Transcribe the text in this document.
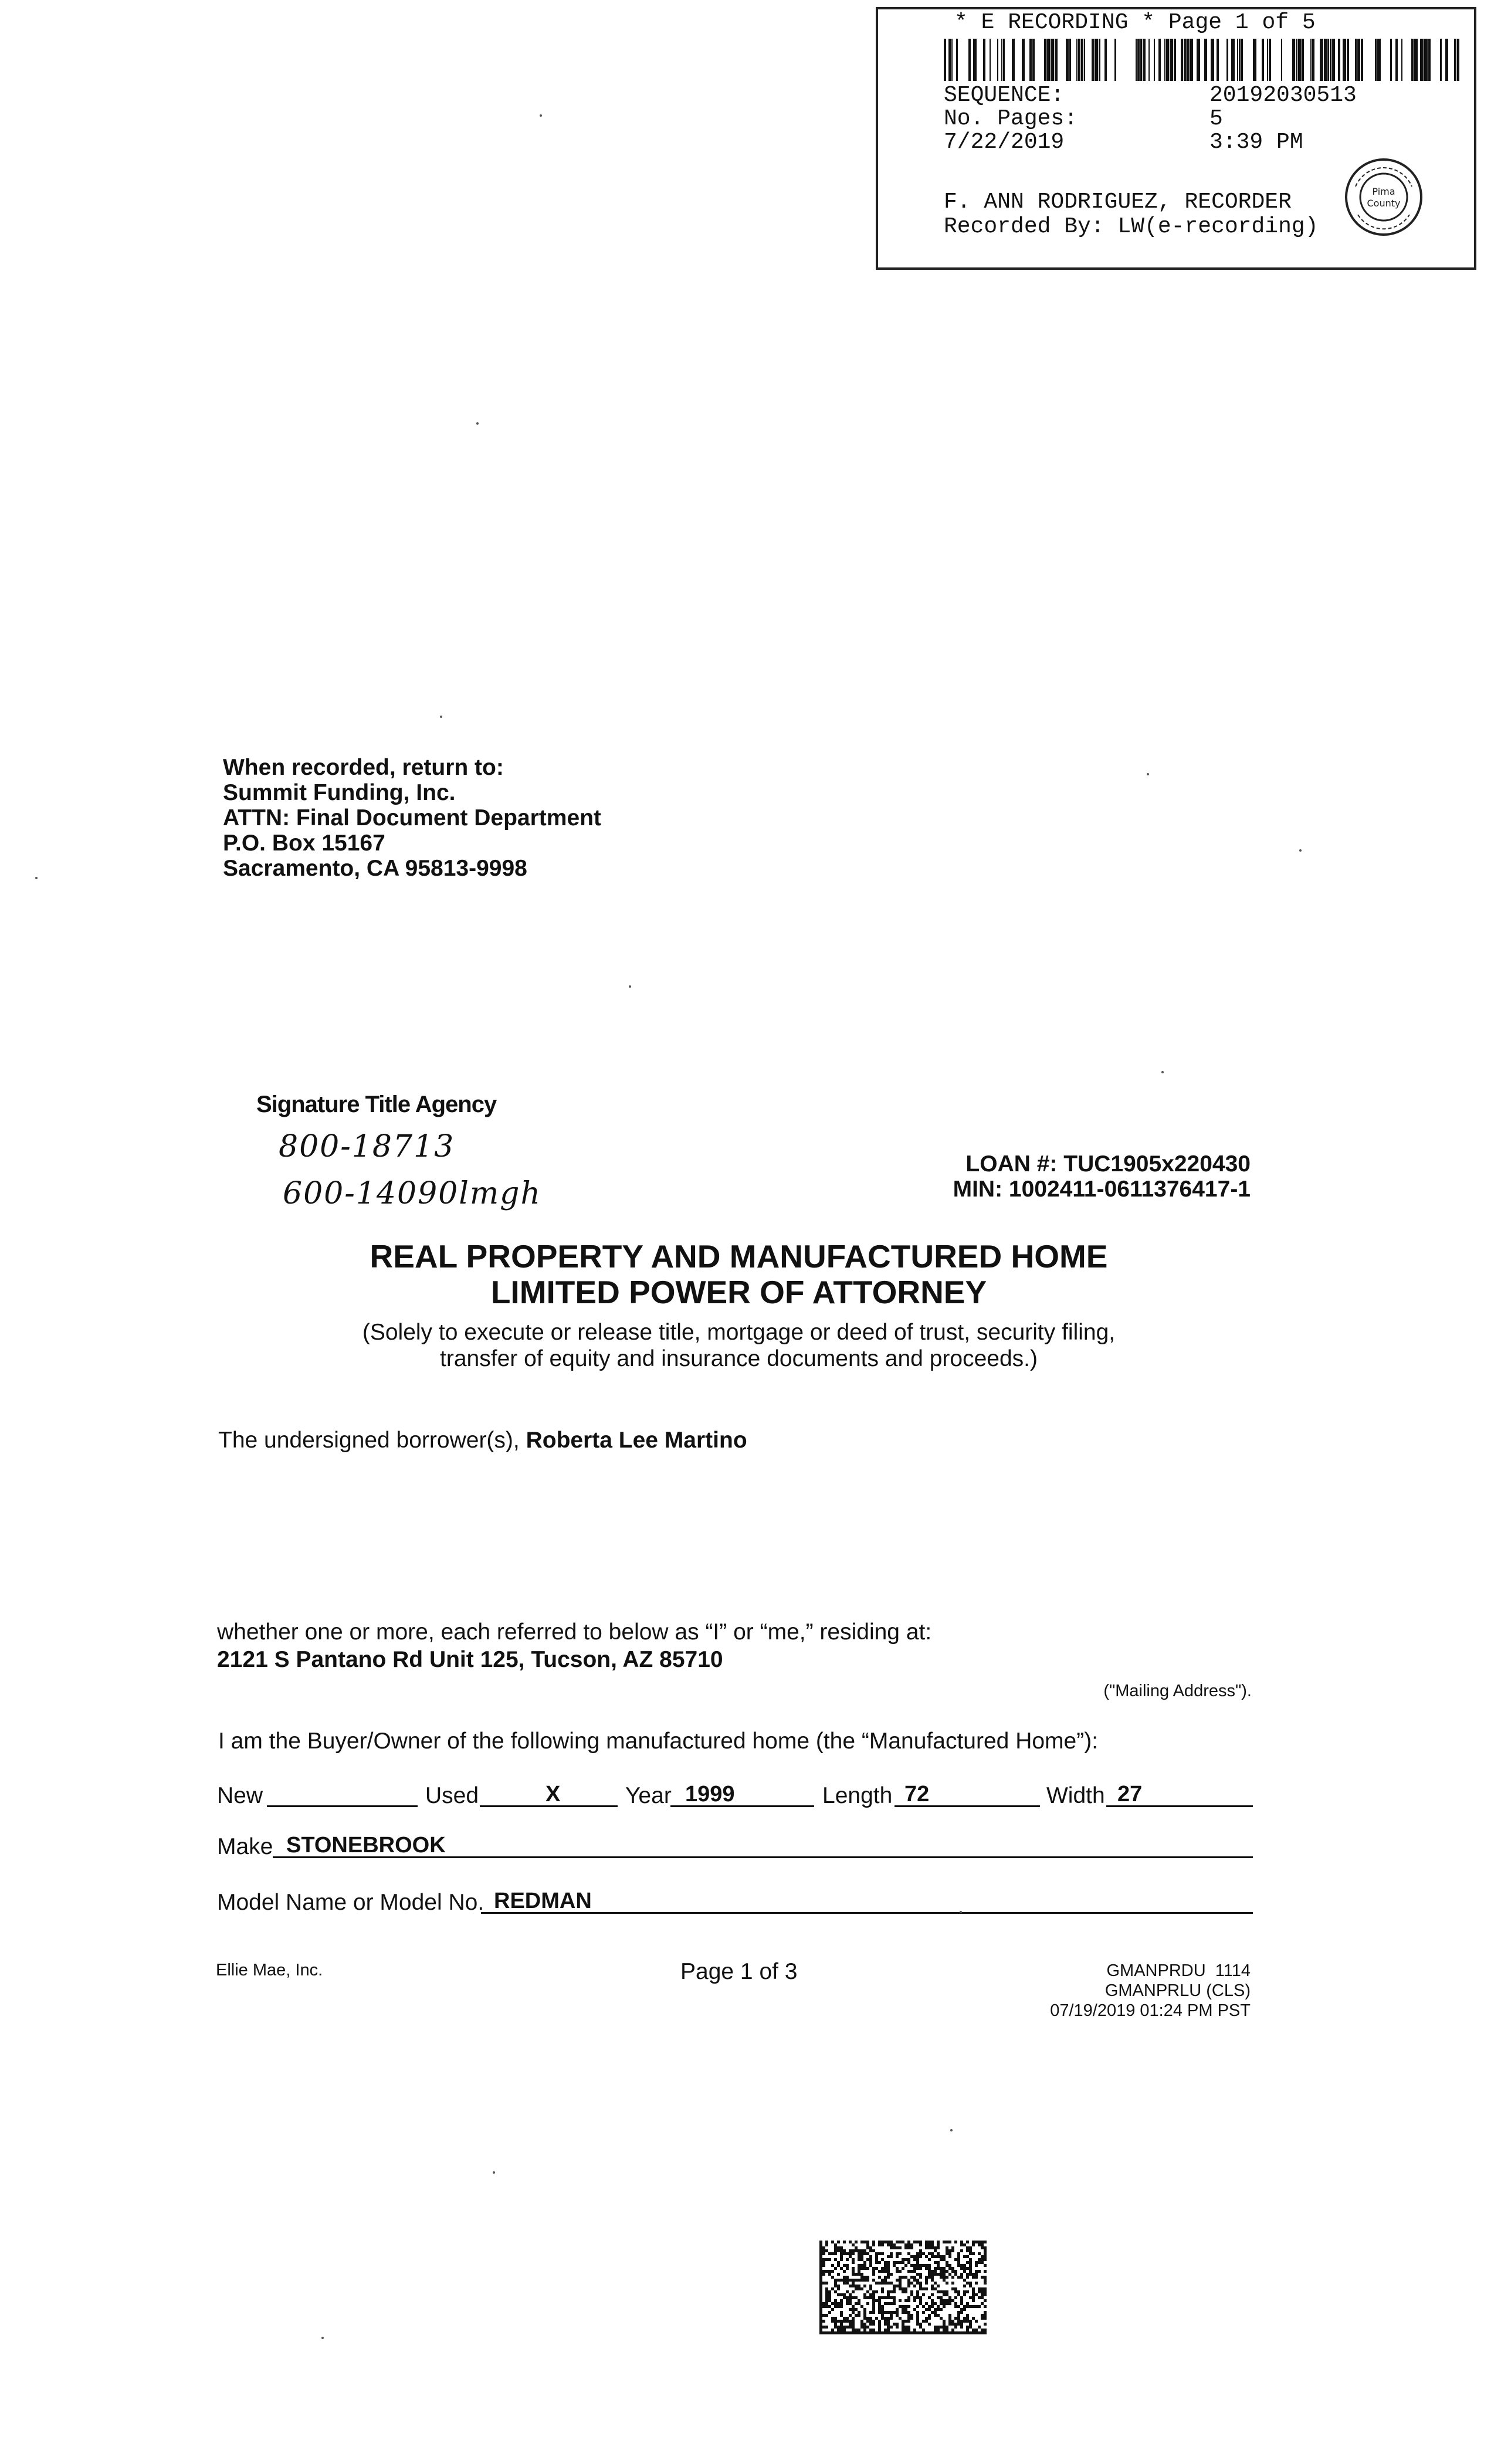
* E RECORDING * Page 1 of 5
SEQUENCE:	20192030513
No. Pages:	5
7/22/2019	3:39 PM
F. ANN RODRIGUEZ, RECORDER
Recorded By: LW(e-recording)
Pima
County
When recorded, return to:
Summit Funding, Inc.
ATTN: Final Document Department
P.O. Box 15167
Sacramento, CA 95813-9998
Signature Title Agency
800-18713
600-14090lmgh
LOAN #: TUC1905x220430
MIN: 1002411-0611376417-1
REAL PROPERTY AND MANUFACTURED HOME
LIMITED POWER OF ATTORNEY
(Solely to execute or release title, mortgage or deed of trust, security filing,
transfer of equity and insurance documents and proceeds.)
The undersigned borrower(s), Roberta Lee Martino
whether one or more, each referred to below as “I” or “me,” residing at:
2121 S Pantano Rd Unit 125, Tucson, AZ 85710
("Mailing Address").
I am the Buyer/Owner of the following manufactured home (the “Manufactured Home”):
New	Used	X	Year 1999	Length 72	Width 27
Make STONEBROOK
Model Name or Model No. REDMAN
Ellie Mae, Inc.	Page 1 of 3	GMANPRDU  1114
GMANPRLU (CLS)
07/19/2019 01:24 PM PST
